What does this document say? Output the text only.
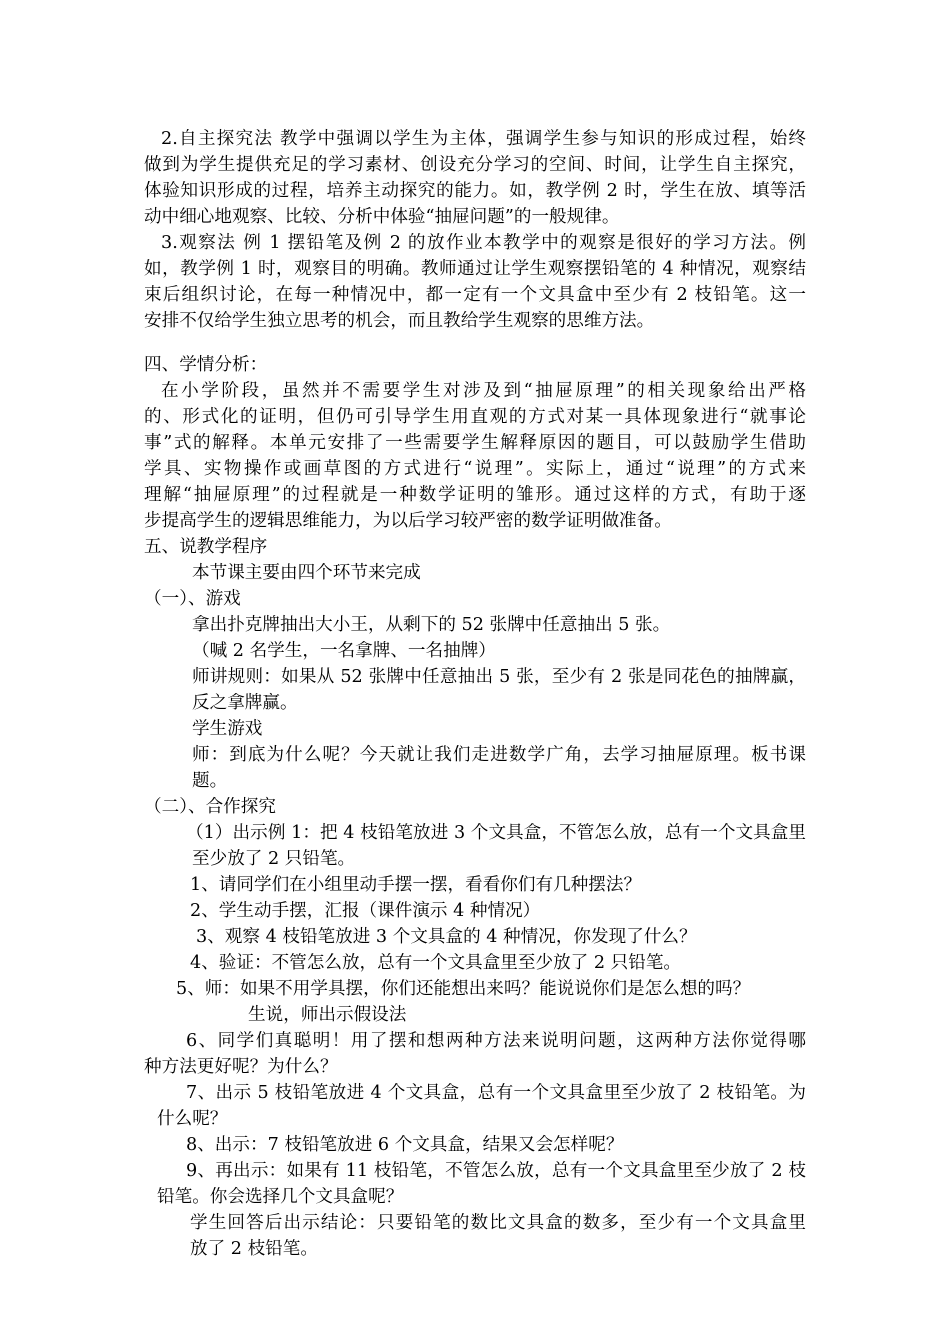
2.自主探究法 教学中强调以学生为主体，强调学生参与知识的形成过程，始终
做到为学生提供充足的学习素材、创设充分学习的空间、时间，让学生自主探究，
体验知识形成的过程，培养主动探究的能力。如，教学例 2 时，学生在放、填等活
动中细心地观察、比较、分析中体验“抽屉问题”的一般规律。
3.观察法 例 1 摆铅笔及例 2 的放作业本教学中的观察是很好的学习方法。例
如，教学例 1 时，观察目的明确。教师通过让学生观察摆铅笔的 4 种情况，观察结
束后组织讨论，在每一种情况中，都一定有一个文具盒中至少有 2 枝铅笔。这一
安排不仅给学生独立思考的机会，而且教给学生观察的思维方法。
四、学情分析：
在小学阶段，虽然并不需要学生对涉及到“抽屉原理”的相关现象给出严格
的、形式化的证明，但仍可引导学生用直观的方式对某一具体现象进行“就事论
事”式的解释。本单元安排了一些需要学生解释原因的题目，可以鼓励学生借助
学具、实物操作或画草图的方式进行“说理”。实际上，通过“说理”的方式来
理解“抽屉原理”的过程就是一种数学证明的雏形。通过这样的方式，有助于逐
步提高学生的逻辑思维能力，为以后学习较严密的数学证明做准备。
五、说教学程序
本节课主要由四个环节来完成
（一）、游戏
拿出扑克牌抽出大小王，从剩下的 52 张牌中任意抽出 5 张。
（喊 2 名学生，一名拿牌、一名抽牌）
师讲规则：如果从 52 张牌中任意抽出 5 张，至少有 2 张是同花色的抽牌赢，
反之拿牌赢。
学生游戏
师：到底为什么呢？今天就让我们走进数学广角，去学习抽屉原理。板书课
题。
（二）、合作探究
（1）出示例 1：把 4 枝铅笔放进 3 个文具盒，不管怎么放，总有一个文具盒里
至少放了 2 只铅笔。
1、请同学们在小组里动手摆一摆，看看你们有几种摆法？
2、学生动手摆，汇报（课件演示 4 种情况）
3、观察 4 枝铅笔放进 3 个文具盒的 4 种情况，你发现了什么？
4、验证：不管怎么放，总有一个文具盒里至少放了 2 只铅笔。
5、师：如果不用学具摆，你们还能想出来吗？能说说你们是怎么想的吗？
生说，师出示假设法
6、同学们真聪明！用了摆和想两种方法来说明问题，这两种方法你觉得哪
种方法更好呢？为什么？
7、出示 5 枝铅笔放进 4 个文具盒，总有一个文具盒里至少放了 2 枝铅笔。为
什么呢？
8、出示：7 枝铅笔放进 6 个文具盒，结果又会怎样呢？
9、再出示：如果有 11 枝铅笔，不管怎么放，总有一个文具盒里至少放了 2 枝
铅笔。你会选择几个文具盒呢？
学生回答后出示结论：只要铅笔的数比文具盒的数多，至少有一个文具盒里
放了 2 枝铅笔。
